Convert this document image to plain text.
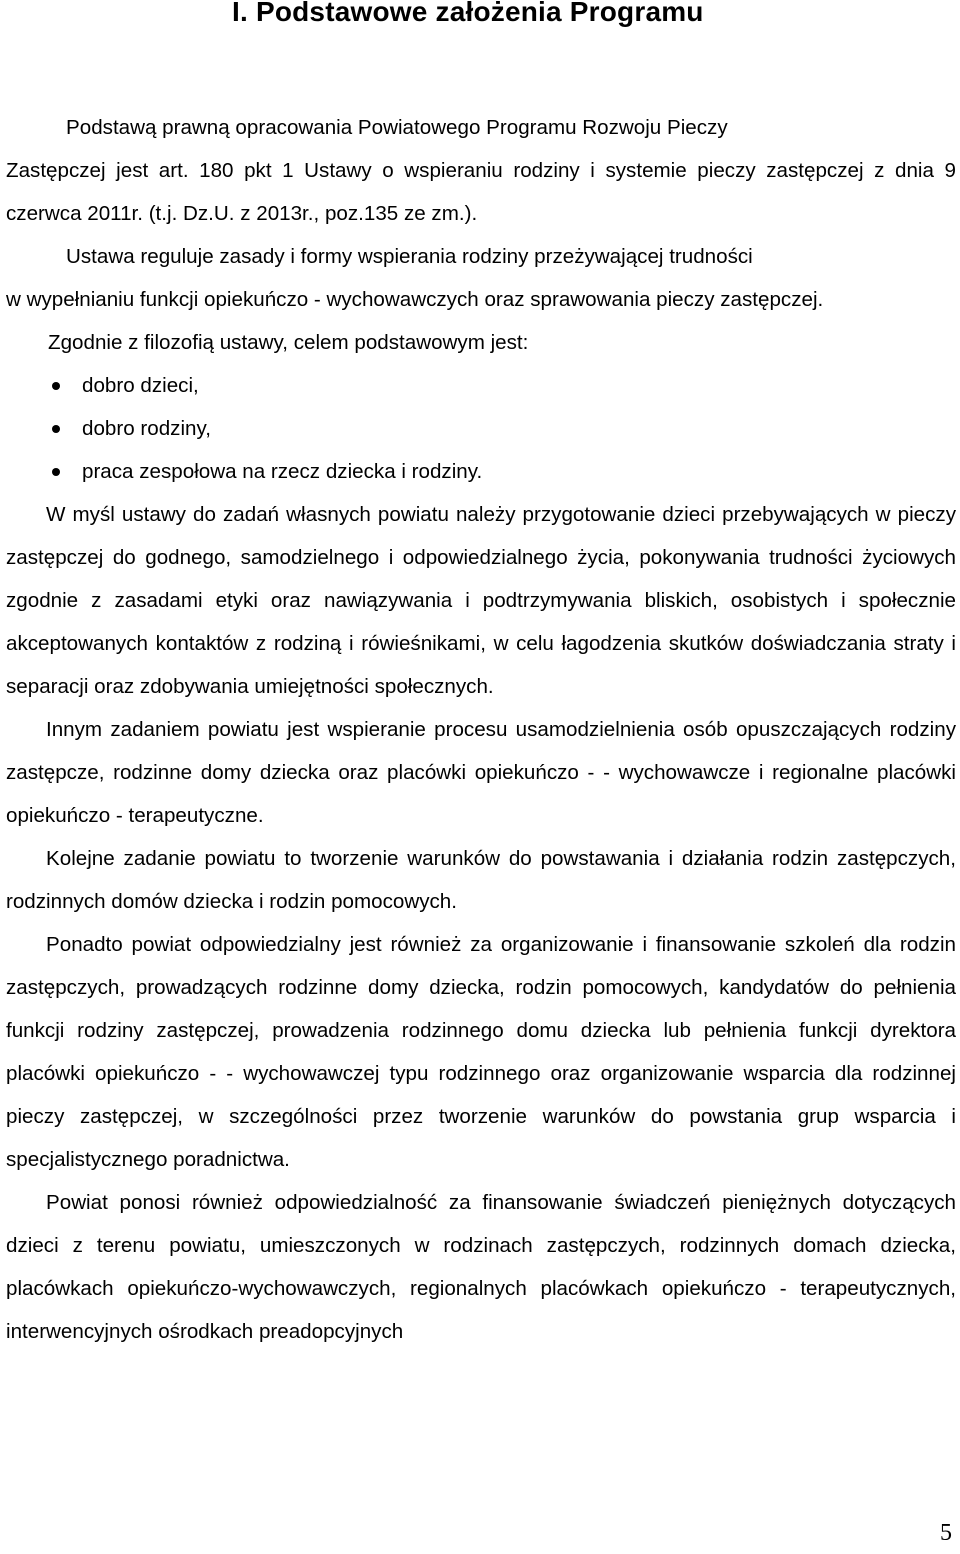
I. Podstawowe założenia Programu

Podstawą prawną opracowania Powiatowego Programu Rozwoju Pieczy
Zastępczej jest art. 180 pkt 1 Ustawy o wspieraniu rodziny i systemie pieczy zastępczej z dnia 9 czerwca 2011r. (t.j. Dz.U. z 2013r., poz.135 ze zm.).

Ustawa reguluje zasady i formy wspierania rodziny przeżywającej trudności
w wypełnianiu funkcji opiekuńczo - wychowawczych oraz sprawowania pieczy zastępczej.

Zgodnie z filozofią ustawy, celem podstawowym jest:

dobro dzieci,
dobro rodziny,
praca zespołowa na rzecz dziecka i rodziny.

W myśl ustawy do zadań własnych powiatu należy przygotowanie dzieci przebywających w pieczy zastępczej do godnego, samodzielnego i odpowiedzialnego życia, pokonywania trudności życiowych zgodnie z zasadami etyki oraz nawiązywania i podtrzymywania bliskich, osobistych i społecznie akceptowanych kontaktów z rodziną i rówieśnikami, w celu łagodzenia skutków doświadczania straty i separacji oraz zdobywania umiejętności społecznych.

Innym zadaniem powiatu jest wspieranie procesu usamodzielnienia osób opuszczających rodziny zastępcze, rodzinne domy dziecka oraz placówki opiekuńczo - - wychowawcze i regionalne placówki opiekuńczo - terapeutyczne.

Kolejne zadanie powiatu to tworzenie warunków do powstawania i działania rodzin zastępczych, rodzinnych domów dziecka i rodzin pomocowych.

Ponadto powiat odpowiedzialny jest również za organizowanie i finansowanie szkoleń dla rodzin zastępczych, prowadzących rodzinne domy dziecka, rodzin pomocowych, kandydatów do pełnienia funkcji rodziny zastępczej, prowadzenia rodzinnego domu dziecka lub pełnienia funkcji dyrektora placówki opiekuńczo - - wychowawczej typu rodzinnego oraz organizowanie wsparcia dla rodzinnej pieczy zastępczej, w szczególności przez tworzenie warunków do powstania grup wsparcia i specjalistycznego poradnictwa.

Powiat ponosi również odpowiedzialność za finansowanie świadczeń pieniężnych dotyczących dzieci z terenu powiatu, umieszczonych w rodzinach zastępczych, rodzinnych domach dziecka, placówkach opiekuńczo-wychowawczych, regionalnych placówkach opiekuńczo - terapeutycznych, interwencyjnych ośrodkach preadopcyjnych

5
